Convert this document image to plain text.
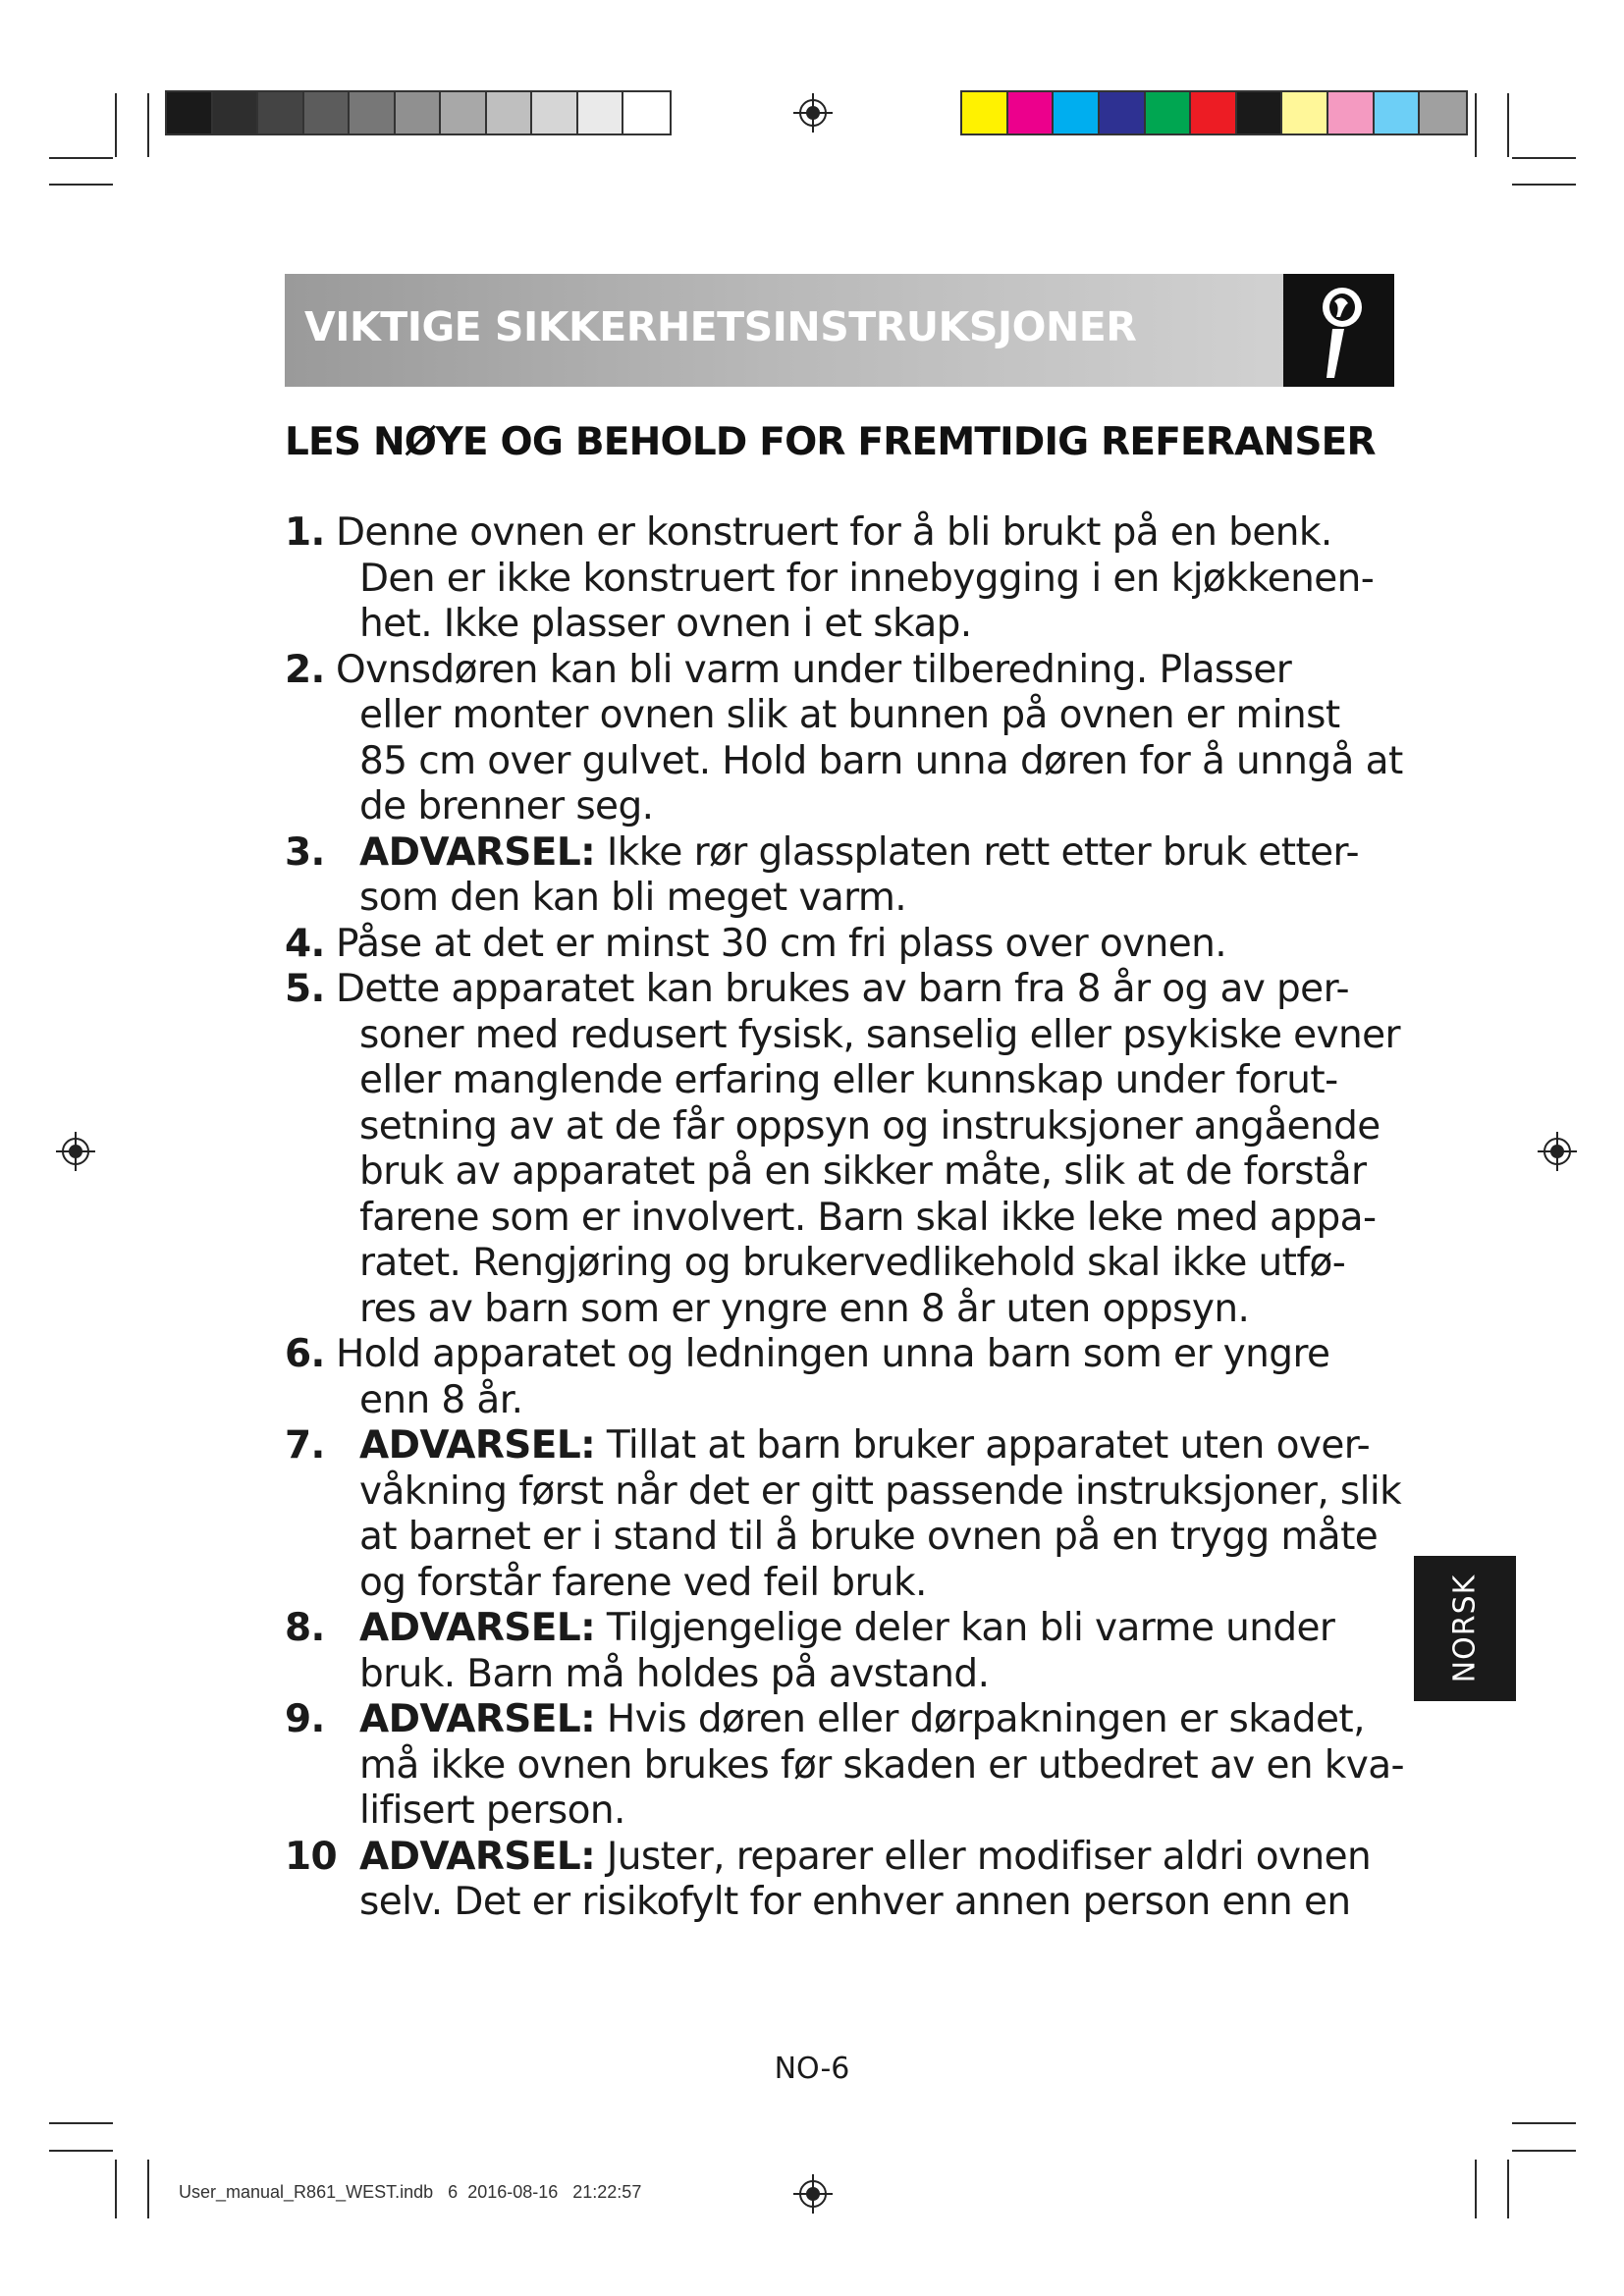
VIKTIGE SIKKERHETSINSTRUKSJONER
LES NØYE OG BEHOLD FOR FREMTIDIG REFERANSER
1. Denne ovnen er konstruert for å bli brukt på en benk.
Den er ikke konstruert for innebygging i en kjøkkenen-
het. Ikke plasser ovnen i et skap.
2. Ovnsdøren kan bli varm under tilberedning. Plasser
eller monter ovnen slik at bunnen på ovnen er minst
85 cm over gulvet. Hold barn unna døren for å unngå at
de brenner seg.
3. ADVARSEL: Ikke rør glassplaten rett etter bruk etter-
som den kan bli meget varm.
4. Påse at det er minst 30 cm fri plass over ovnen.
5. Dette apparatet kan brukes av barn fra 8 år og av per-
soner med redusert fysisk, sanselig eller psykiske evner
eller manglende erfaring eller kunnskap under forut-
setning av at de får oppsyn og instruksjoner angående
bruk av apparatet på en sikker måte, slik at de forstår
farene som er involvert. Barn skal ikke leke med appa-
ratet. Rengjøring og brukervedlikehold skal ikke utfø-
res av barn som er yngre enn 8 år uten oppsyn.
6. Hold apparatet og ledningen unna barn som er yngre
enn 8 år.
7. ADVARSEL: Tillat at barn bruker apparatet uten over-
våkning først når det er gitt passende instruksjoner, slik
at barnet er i stand til å bruke ovnen på en trygg måte
og forstår farene ved feil bruk.
8. ADVARSEL: Tilgjengelige deler kan bli varme under
bruk. Barn må holdes på avstand.
9. ADVARSEL: Hvis døren eller dørpakningen er skadet,
må ikke ovnen brukes før skaden er utbedret av en kva-
lifisert person.
10 ADVARSEL: Juster, reparer eller modifiser aldri ovnen
selv. Det er risikofylt for enhver annen person enn en
NORSK
NO-6
User_manual_R861_WEST.indb 6 2016-08-16   21:22:57
